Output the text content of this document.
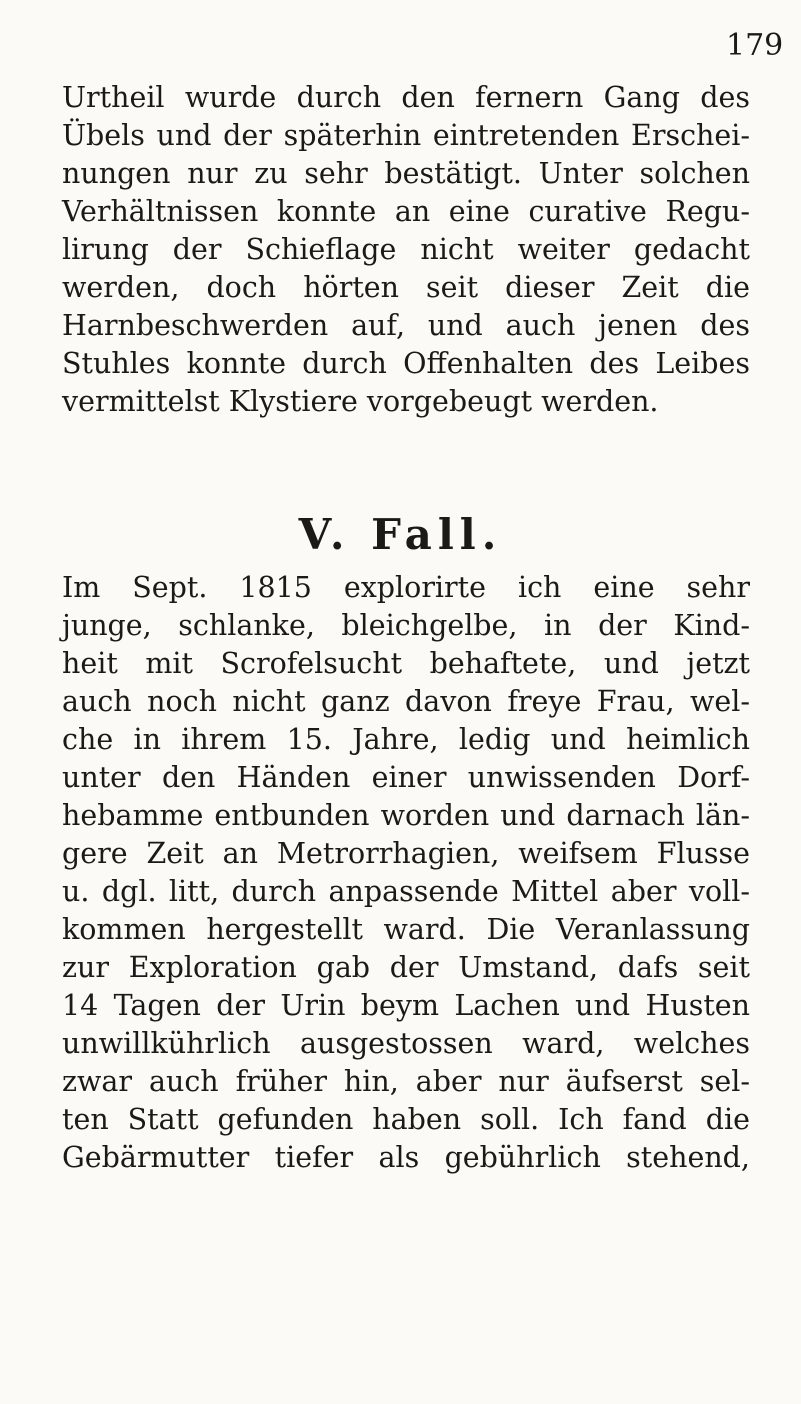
179
Urtheil wurde durch den fernern Gang des
Übels und der späterhin eintretenden Erschei-
nungen nur zu sehr bestätigt. Unter solchen
Verhältnissen konnte an eine curative Regu-
lirung der Schieflage nicht weiter gedacht
werden, doch hörten seit dieser Zeit die
Harnbeschwerden auf, und auch jenen des
Stuhles konnte durch Offenhalten des Leibes
vermittelst Klystiere vorgebeugt werden.
V. Fall.
Im Sept. 1815 explorirte ich eine sehr
junge, schlanke, bleichgelbe, in der Kind-
heit mit Scrofelsucht behaftete, und jetzt
auch noch nicht ganz davon freye Frau, wel-
che in ihrem 15. Jahre, ledig und heimlich
unter den Händen einer unwissenden Dorf-
hebamme entbunden worden und darnach län-
gere Zeit an Metrorrhagien, weifsem Flusse
u. dgl. litt, durch anpassende Mittel aber voll-
kommen hergestellt ward. Die Veranlassung
zur Exploration gab der Umstand, dafs seit
14 Tagen der Urin beym Lachen und Husten
unwillkührlich ausgestossen ward, welches
zwar auch früher hin, aber nur äufserst sel-
ten Statt gefunden haben soll. Ich fand die
Gebärmutter tiefer als gebührlich stehend,
